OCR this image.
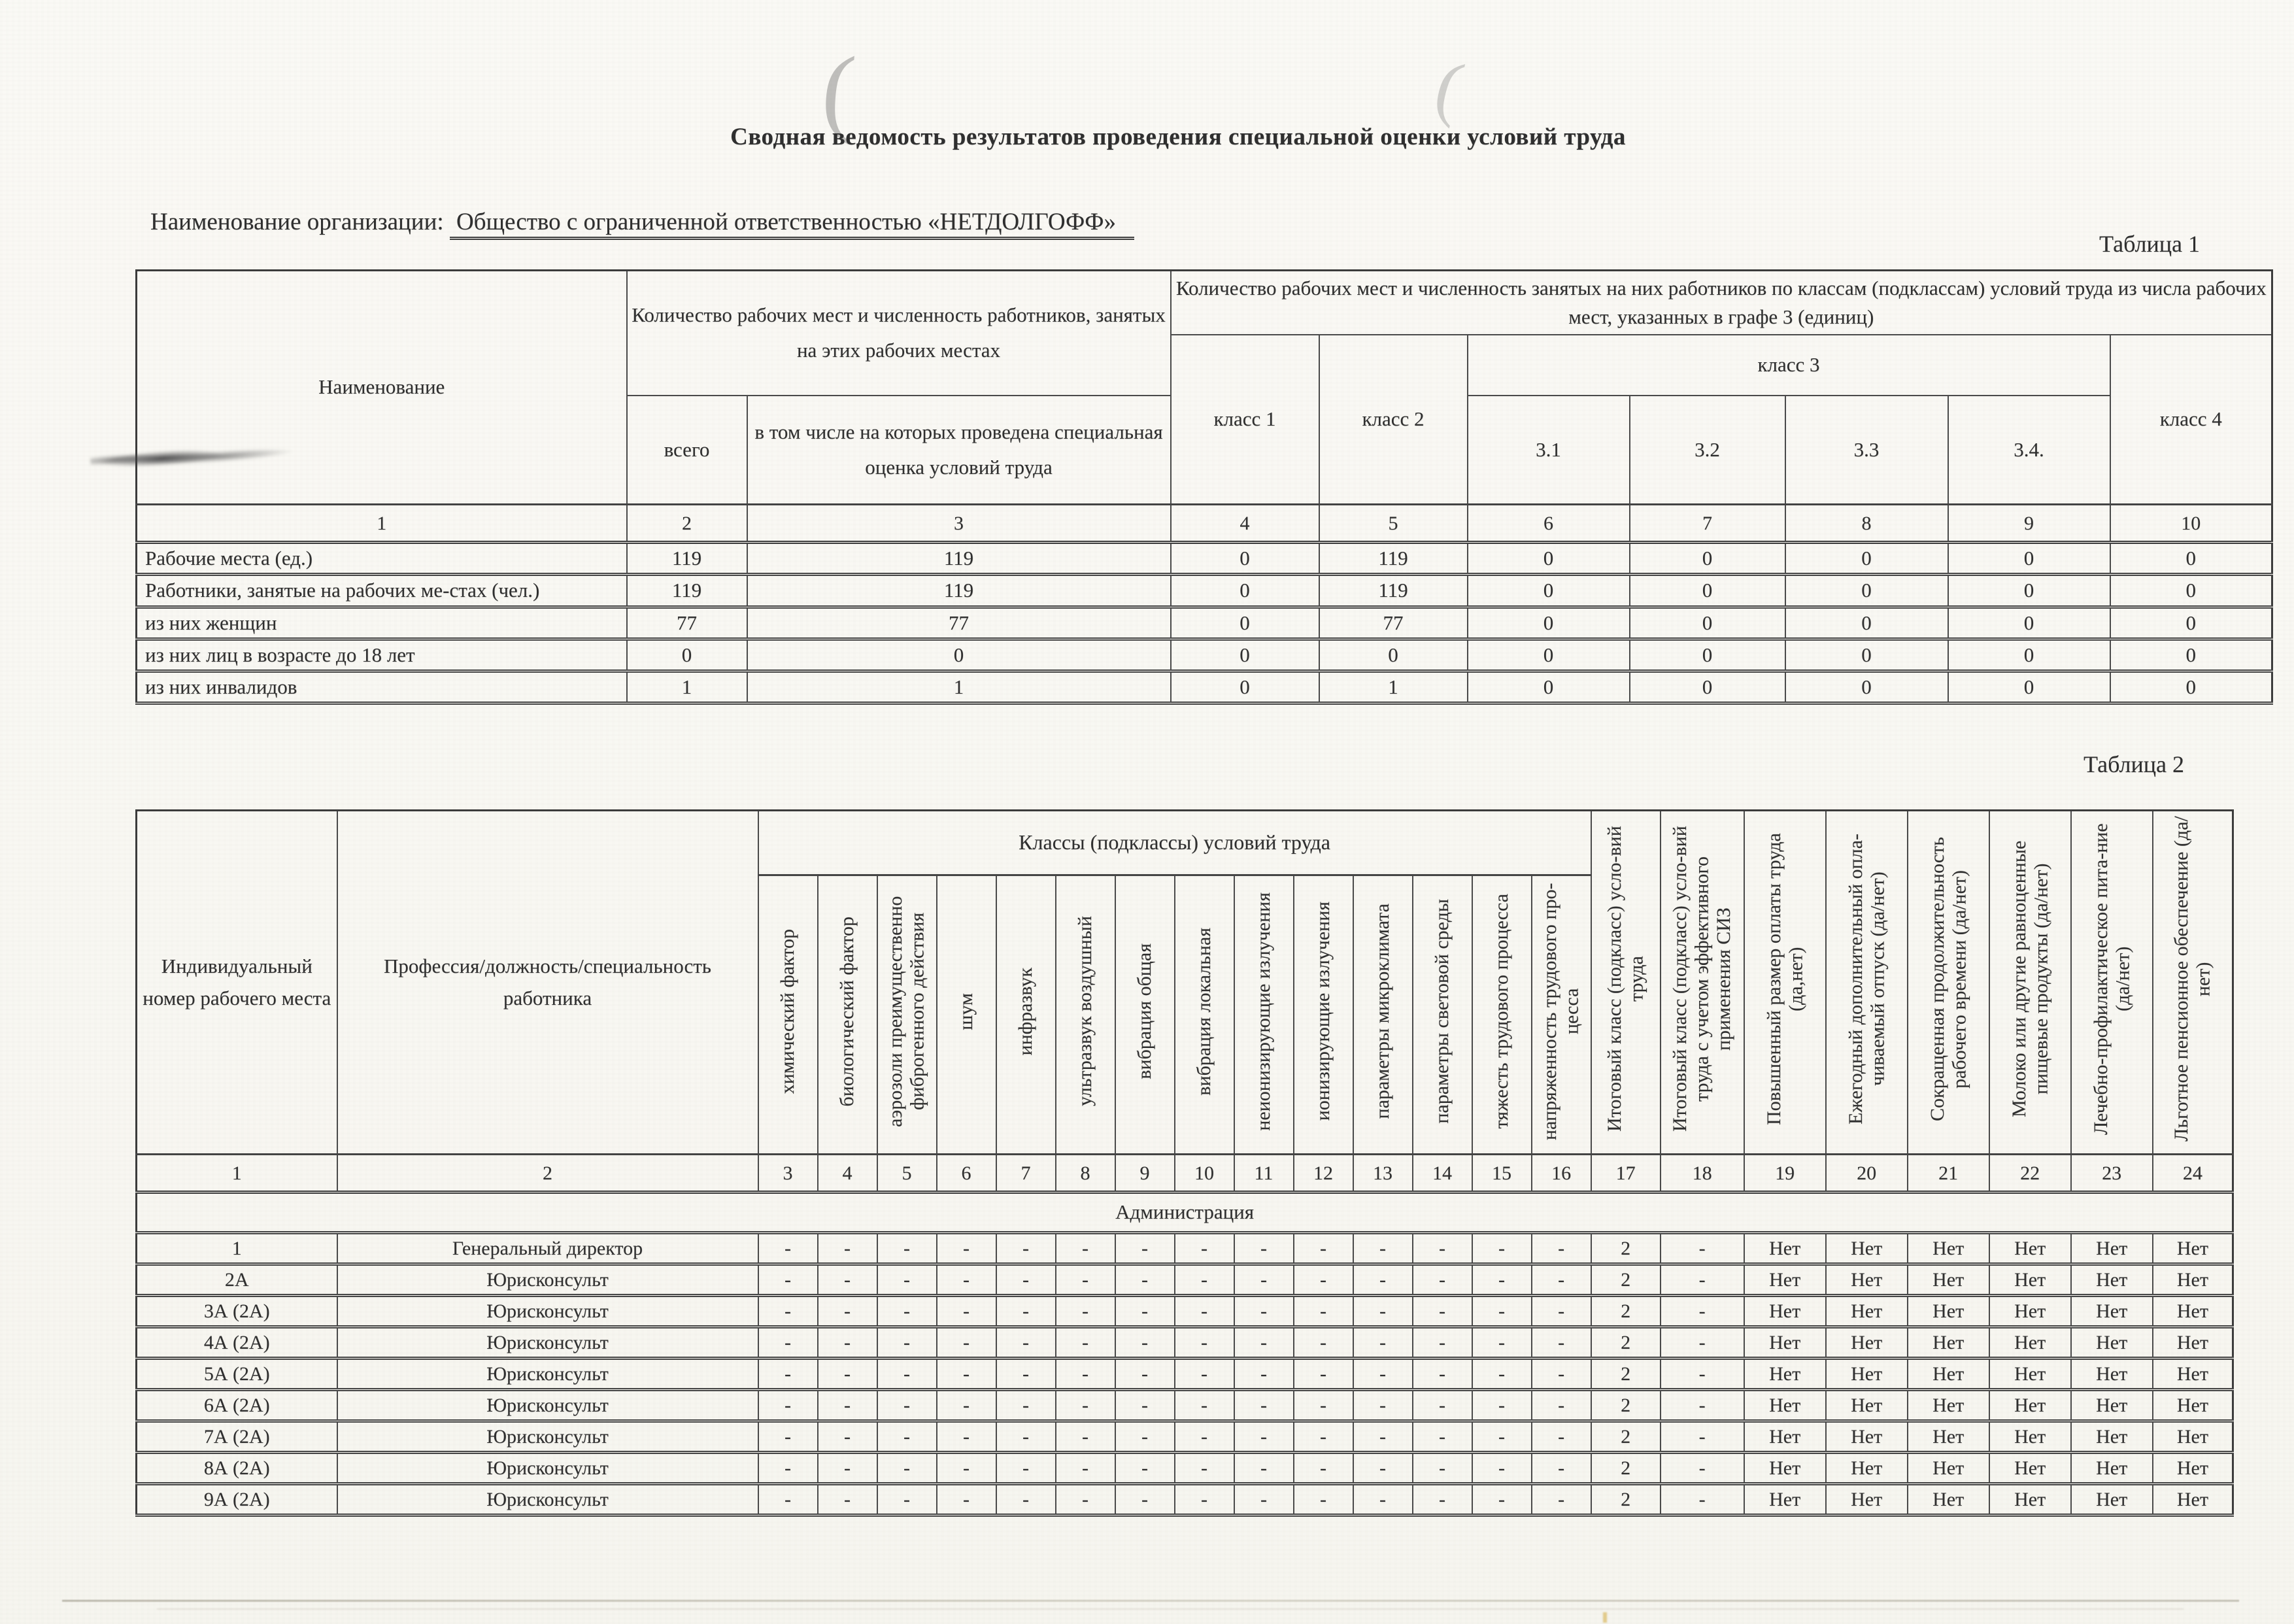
(	(
Сводная ведомость результатов проведения специальной оценки условий труда
Наименование организации: Общество с ограниченной ответственностью «НЕТДОЛГОФФ»
Таблица 1
Таблица 2
Наименование	Количество рабочих мест и численность работников, занятых на этих рабочих местах		Количество рабочих мест и численность занятых на них работников по классам (подклассам) условий труда из числа рабочих мест, указанных в графе 3 (единиц)						
			класс 1	класс 2	класс 3				класс 4
	всего	в том числе на которых проведена специальная оценка условий труда			3.1	3.2	3.3	3.4.	
1	2	3	4	5	6	7	8	9	10
Рабочие места (ед.)	119	119	0	119	0	0	0	0	0
Работники, занятые на рабочих ме-стах (чел.)	119	119	0	119	0	0	0	0	0
из них женщин	77	77	0	77	0	0	0	0	0
из них лиц в возрасте до 18 лет	0	0	0	0	0	0	0	0	0
из них инвалидов	1	1	0	1	0	0	0	0	0
Индивидуальный номер рабочего места	Профессия/должность/специальность работника	Классы (подклассы) условий труда														Итоговый класс (подкласс) усло-вий труда	Итоговый класс (подкласс) усло-вий труда с учетом эффективного применения СИЗ	Повышенный размер оплаты труда (да,нет)	Ежегодный дополнительный опла-чиваемый отпуск (да/нет)	Сокращенная продолжительность рабочего времени (да/нет)	Молоко или другие равноценные пищевые продукты (да/нет)	Лечебно-профилактическое пита-ние (да/нет)	Льготное пенсионное обеспечение (да/нет)
		химический фактор	биологический фактор	аэрозоли преимущественно фиброгенного действия	шум	инфразвук	ультразвук воздушный	вибрация общая	вибрация локальная	неионизирующие излучения	ионизирующие излучения	параметры микроклимата	параметры световой среды	тяжесть трудового процесса	напряженность трудового про-цесса								
1	2	3	4	5	6	7	8	9	10	11	12	13	14	15	16	17	18	19	20	21	22	23	24
Администрация																							
1	Генеральный директор	-	-	-	-	-	-	-	-	-	-	-	-	-	-	2	-	Нет	Нет	Нет	Нет	Нет	Нет
2А	Юрисконсульт	-	-	-	-	-	-	-	-	-	-	-	-	-	-	2	-	Нет	Нет	Нет	Нет	Нет	Нет
3А (2А)	Юрисконсульт	-	-	-	-	-	-	-	-	-	-	-	-	-	-	2	-	Нет	Нет	Нет	Нет	Нет	Нет
4А (2А)	Юрисконсульт	-	-	-	-	-	-	-	-	-	-	-	-	-	-	2	-	Нет	Нет	Нет	Нет	Нет	Нет
5А (2А)	Юрисконсульт	-	-	-	-	-	-	-	-	-	-	-	-	-	-	2	-	Нет	Нет	Нет	Нет	Нет	Нет
6А (2А)	Юрисконсульт	-	-	-	-	-	-	-	-	-	-	-	-	-	-	2	-	Нет	Нет	Нет	Нет	Нет	Нет
7А (2А)	Юрисконсульт	-	-	-	-	-	-	-	-	-	-	-	-	-	-	2	-	Нет	Нет	Нет	Нет	Нет	Нет
8А (2А)	Юрисконсульт	-	-	-	-	-	-	-	-	-	-	-	-	-	-	2	-	Нет	Нет	Нет	Нет	Нет	Нет
9А (2А)	Юрисконсульт	-	-	-	-	-	-	-	-	-	-	-	-	-	-	2	-	Нет	Нет	Нет	Нет	Нет	Нет
